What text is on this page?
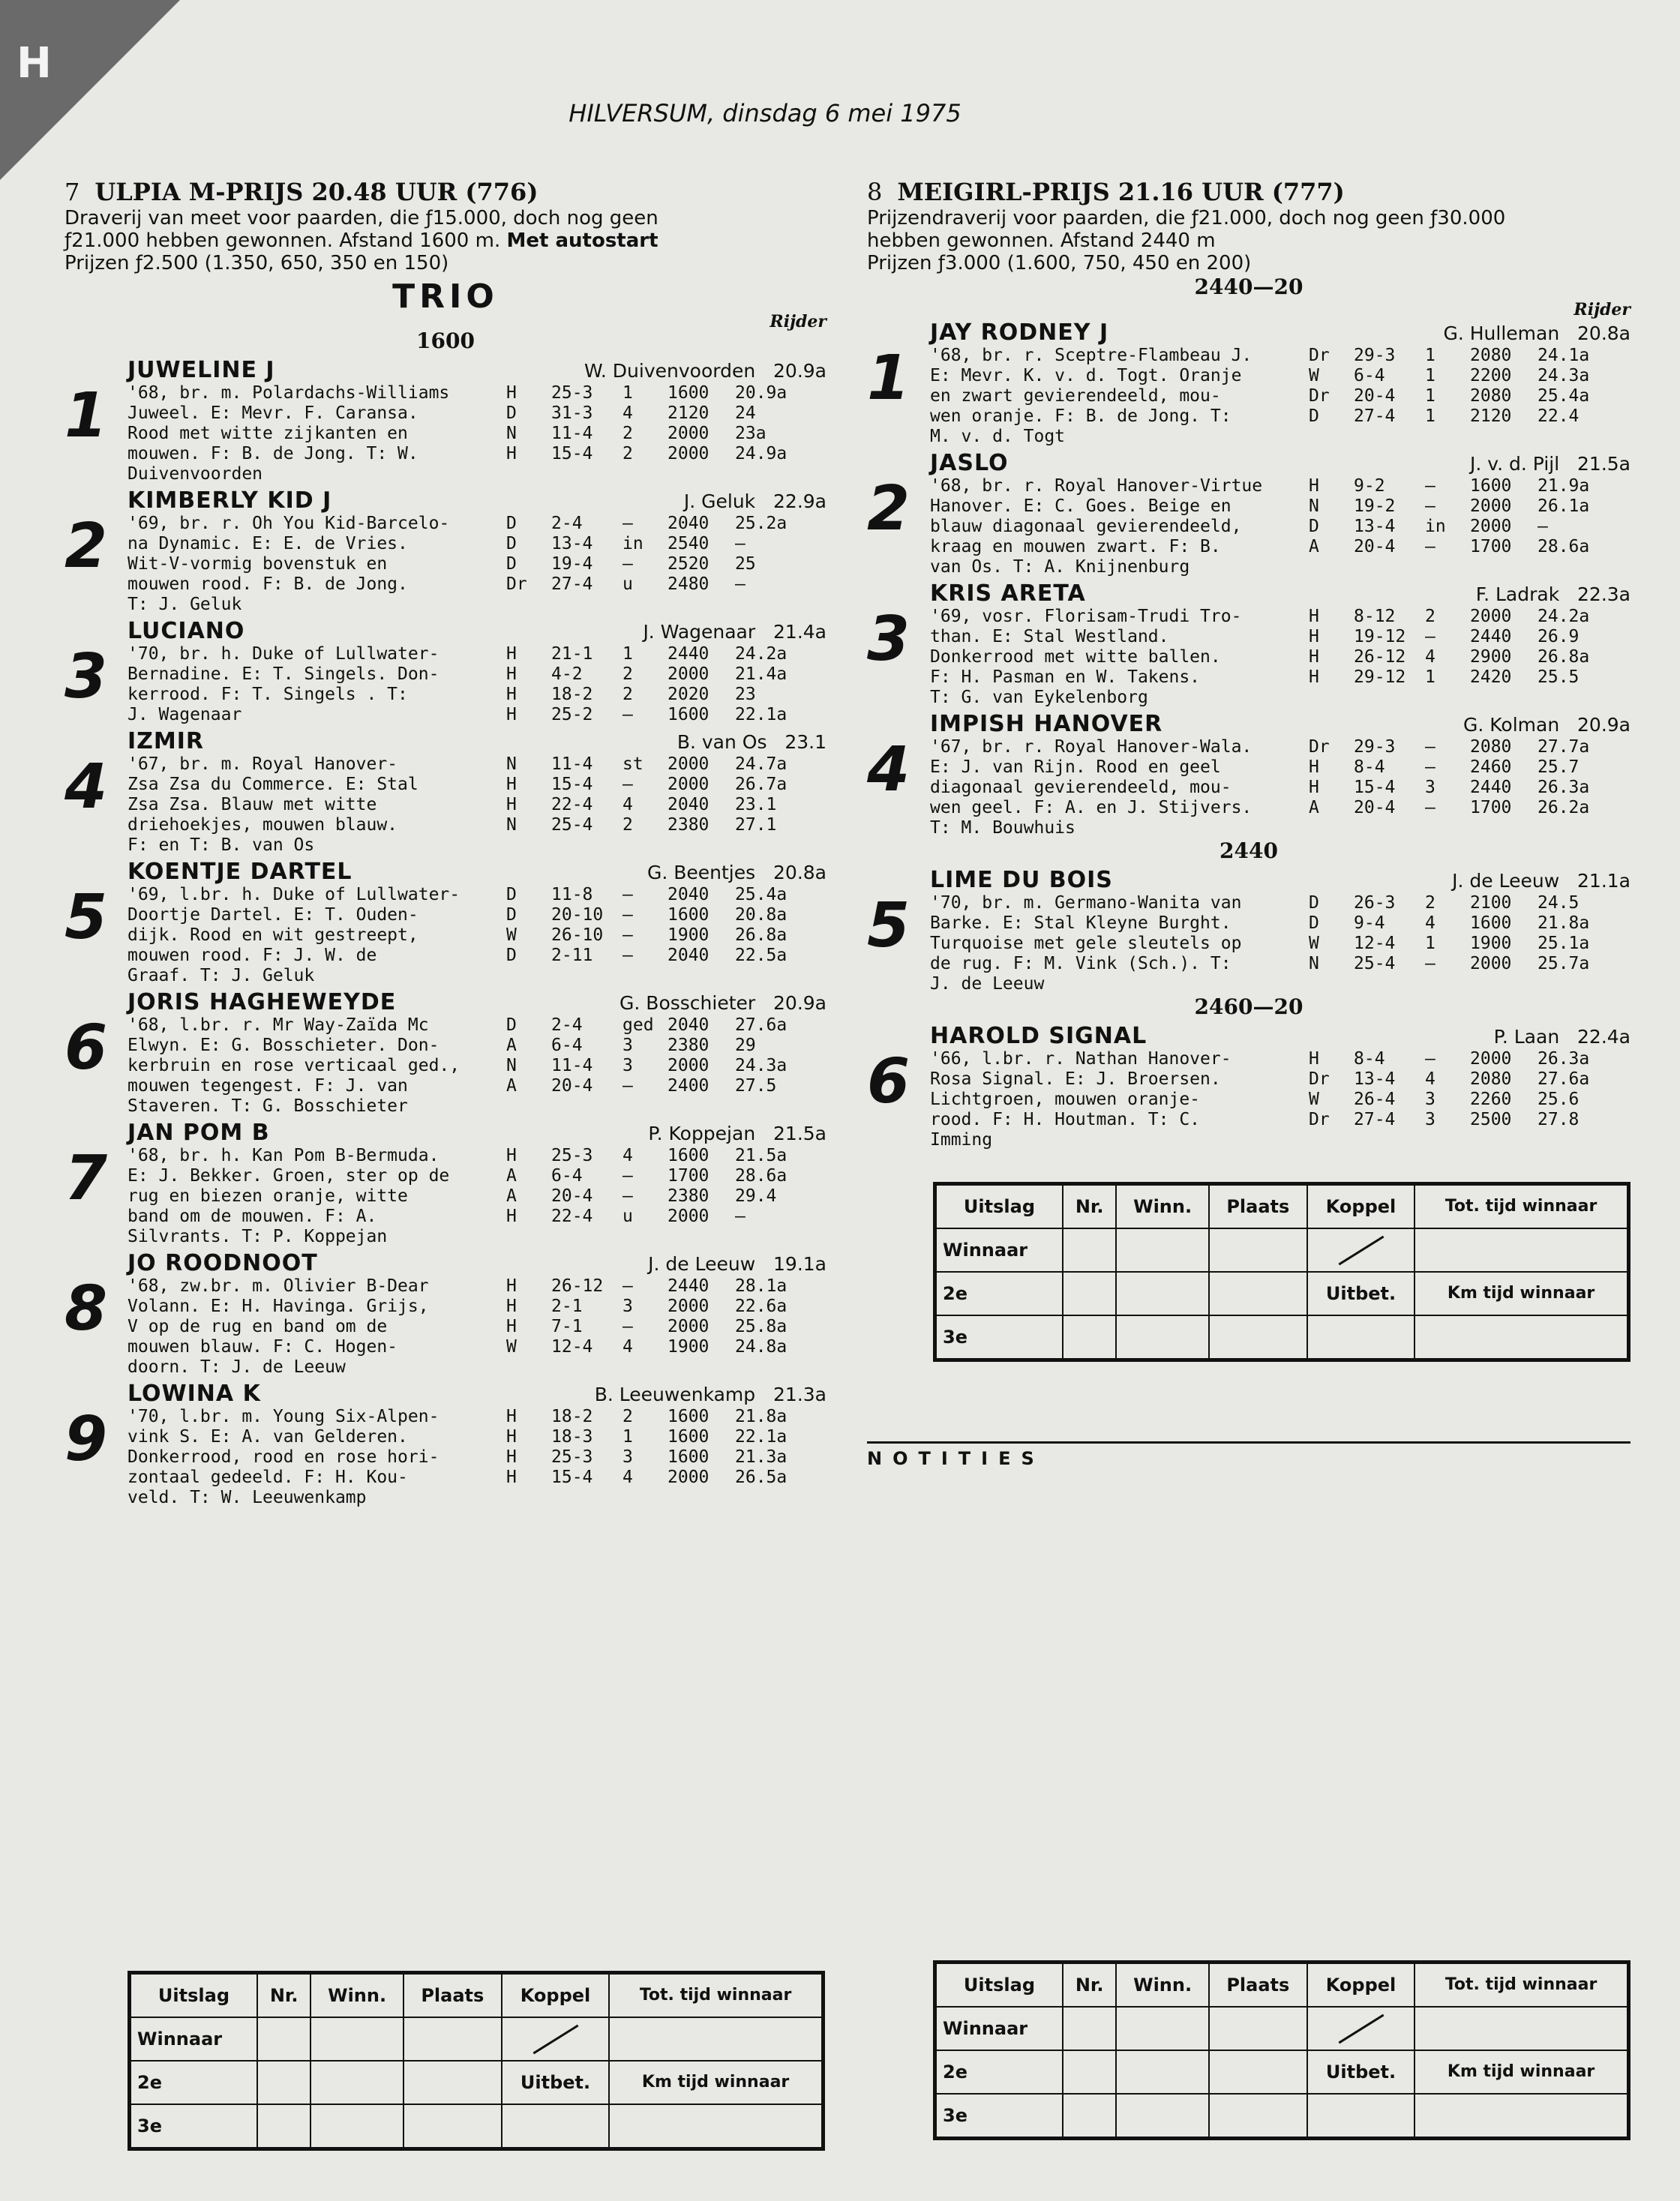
H
HILVERSUM, dinsdag 6 mei 1975
7 ULPIA M-PRIJS 20.48 UUR (776)
Draverij van meet voor paarden, die ƒ15.000, doch nog geen
ƒ21.000 hebben gewonnen. Afstand 1600 m. Met autostart
Prijzen ƒ2.500 (1.350, 650, 350 en 150)
TRIO
Rijder
1600
1
JUWELINE J	W. Duivenvoorden 20.9a
'68, br. m. Polardachs-Williams
Juweel. E: Mevr. F. Caransa.
Rood met witte zijkanten en
mouwen. F: B. de Jong. T: W.
Duivenvoorden
H	25-3	1	1600	20.9a
D	31-3	4	2120	24
N	11-4	2	2000	23a
H	15-4	2	2000	24.9a
2
KIMBERLY KID J	J. Geluk 22.9a
'69, br. r. Oh You Kid-Barcelo-
na Dynamic. E: E. de Vries.
Wit-V-vormig bovenstuk en
mouwen rood. F: B. de Jong.
T: J. Geluk
D	2-4	—	2040	25.2a
D	13-4	in	2540	—
D	19-4	—	2520	25
Dr	27-4	u	2480	—
3
LUCIANO	J. Wagenaar 21.4a
'70, br. h. Duke of Lullwater-
Bernadine. E: T. Singels. Don-
kerrood. F: T. Singels . T:
J. Wagenaar
H	21-1	1	2440	24.2a
H	4-2	2	2000	21.4a
H	18-2	2	2020	23
H	25-2	—	1600	22.1a
4
IZMIR	B. van Os 23.1
'67, br. m. Royal Hanover-
Zsa Zsa du Commerce. E: Stal
Zsa Zsa. Blauw met witte
driehoekjes, mouwen blauw.
F: en T: B. van Os
N	11-4	st	2000	24.7a
H	15-4	—	2000	26.7a
H	22-4	4	2040	23.1
N	25-4	2	2380	27.1
5
KOENTJE DARTEL	G. Beentjes 20.8a
'69, l.br. h. Duke of Lullwater-
Doortje Dartel. E: T. Ouden-
dijk. Rood en wit gestreept,
mouwen rood. F: J. W. de
Graaf. T: J. Geluk
D	11-8	—	2040	25.4a
D	20-10	—	1600	20.8a
W	26-10	—	1900	26.8a
D	2-11	—	2040	22.5a
6
JORIS HAGHEWEYDE	G. Bosschieter 20.9a
'68, l.br. r. Mr Way-Zaïda Mc
Elwyn. E: G. Bosschieter. Don-
kerbruin en rose verticaal ged.,
mouwen tegengest. F: J. van
Staveren. T: G. Bosschieter
D	2-4	ged 2040	27.6a
A	6-4	3	2380	29
N	11-4	3	2000	24.3a
A	20-4	—	2400	27.5
7
JAN POM B	P. Koppejan 21.5a
'68, br. h. Kan Pom B-Bermuda.
E: J. Bekker. Groen, ster op de
rug en biezen oranje, witte
band om de mouwen. F: A.
Silvrants. T: P. Koppejan
H	25-3	4	1600	21.5a
A	6-4	—	1700	28.6a
A	20-4	—	2380	29.4
H	22-4	u	2000	—
8
JO ROODNOOT	J. de Leeuw 19.1a
'68, zw.br. m. Olivier B-Dear
Volann. E: H. Havinga. Grijs,
V op de rug en band om de
mouwen blauw. F: C. Hogen-
doorn. T: J. de Leeuw
H	26-12	—	2440	28.1a
H	2-1	3	2000	22.6a
H	7-1	—	2000	25.8a
W	12-4	4	1900	24.8a
9
LOWINA K	B. Leeuwenkamp 21.3a
'70, l.br. m. Young Six-Alpen-
vink S. E: A. van Gelderen.
Donkerrood, rood en rose hori-
zontaal gedeeld. F: H. Kou-
veld. T: W. Leeuwenkamp
H	18-2	2	1600	21.8a
H	18-3	1	1600	22.1a
H	25-3	3	1600	21.3a
H	15-4	4	2000	26.5a
8 MEIGIRL-PRIJS 21.16 UUR (777)
Prijzendraverij voor paarden, die ƒ21.000, doch nog geen ƒ30.000
hebben gewonnen. Afstand 2440 m
Prijzen ƒ3.000 (1.600, 750, 450 en 200)
2440—20
Rijder
1
JAY RODNEY J	G. Hulleman 20.8a
'68, br. r. Sceptre-Flambeau J.
E: Mevr. K. v. d. Togt. Oranje
en zwart gevierendeeld, mou-
wen oranje. F: B. de Jong. T:
M. v. d. Togt
Dr	29-3	1	2080	24.1a
W	6-4	1	2200	24.3a
Dr	20-4	1	2080	25.4a
D	27-4	1	2120	22.4
2
JASLO	J. v. d. Pijl 21.5a
'68, br. r. Royal Hanover-Virtue
Hanover. E: C. Goes. Beige en
blauw diagonaal gevierendeeld,
kraag en mouwen zwart. F: B.
van Os. T: A. Knijnenburg
H	9-2	—	1600	21.9a
N	19-2	—	2000	26.1a
D	13-4	in	2000	—
A	20-4	—	1700	28.6a
3
KRIS ARETA	F. Ladrak 22.3a
'69, vosr. Florisam-Trudi Tro-
than. E: Stal Westland.
Donkerrood met witte ballen.
F: H. Pasman en W. Takens.
T: G. van Eykelenborg
H	8-12	2	2000	24.2a
H	19-12	—	2440	26.9
H	26-12	4	2900	26.8a
H	29-12	1	2420	25.5
4
IMPISH HANOVER	G. Kolman 20.9a
'67, br. r. Royal Hanover-Wala.
E: J. van Rijn. Rood en geel
diagonaal gevierendeeld, mou-
wen geel. F: A. en J. Stijvers.
T: M. Bouwhuis
Dr	29-3	—	2080	27.7a
H	8-4	—	2460	25.7
H	15-4	3	2440	26.3a
A	20-4	—	1700	26.2a
2440
5
LIME DU BOIS	J. de Leeuw 21.1a
'70, br. m. Germano-Wanita van
Barke. E: Stal Kleyne Burght.
Turquoise met gele sleutels op
de rug. F: M. Vink (Sch.). T:
J. de Leeuw
D	26-3	2	2100	24.5
D	9-4	4	1600	21.8a
W	12-4	1	1900	25.1a
N	25-4	—	2000	25.7a
2460—20
6
HAROLD SIGNAL	P. Laan 22.4a
'66, l.br. r. Nathan Hanover-
Rosa Signal. E: J. Broersen.
Lichtgroen, mouwen oranje-
rood. F: H. Houtman. T: C.
Imming
H	8-4	—	2000	26.3a
Dr	13-4	4	2080	27.6a
W	26-4	3	2260	25.6
Dr	27-4	3	2500	27.8
Uitslag	Nr.	Winn.	Plaats	Koppel	Tot. tijd winnaar
Winnaar				

2e				Uitbet.	Km tijd winnaar
3e					
Uitslag	Nr.	Winn.	Plaats	Koppel	Tot. tijd winnaar
Winnaar				

2e				Uitbet.	Km tijd winnaar
3e					
Uitslag	Nr.	Winn.	Plaats	Koppel	Tot. tijd winnaar
Winnaar				

2e				Uitbet.	Km tijd winnaar
3e					
NOTITIES
